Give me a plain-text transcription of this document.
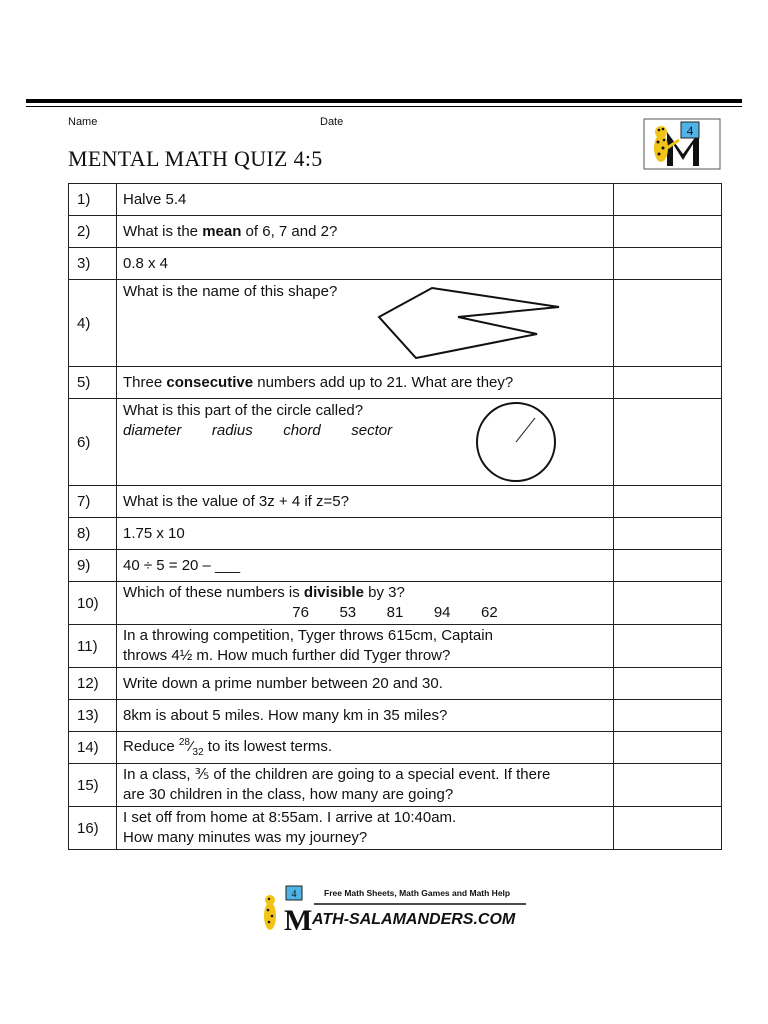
Name	Date
MENTAL MATH QUIZ 4:5
4
1)	Halve 5.4	

2)	What is the mean of 6, 7 and 2?	

3)	0.8 x 4	

4)	What is the name of this shape?	

5)	Three consecutive numbers add up to 21. What are they?	

6)	What is this part of the circle called?
diameter   radius   chord   sector	

7)	What is the value of 3z + 4 if z=5?	

8)	1.75 x 10	

9)	40 ÷ 5 = 20 – ___	

10)	Which of these numbers is divisible by 3?
76   53   81   94   62	

11)	In a throwing competition, Tyger throws 615cm, Captain
throws 4½ m. How much further did Tyger throw?	

12)	Write down a prime number between 20 and 30.	

13)	8km is about 5 miles. How many km in 35 miles?	

14)	Reduce $^{28}⁄_{32}$ to its lowest terms.	

15)	In a class, ⅗ of the children are going to a special event. If there
are 30 children in the class, how many are going?	

16)	I set off from home at 8:55am. I arrive at 10:40am.
How many minutes was my journey?	

4
M
Free Math Sheets, Math Games and Math Help
ATH-SALAMANDERS.COM
